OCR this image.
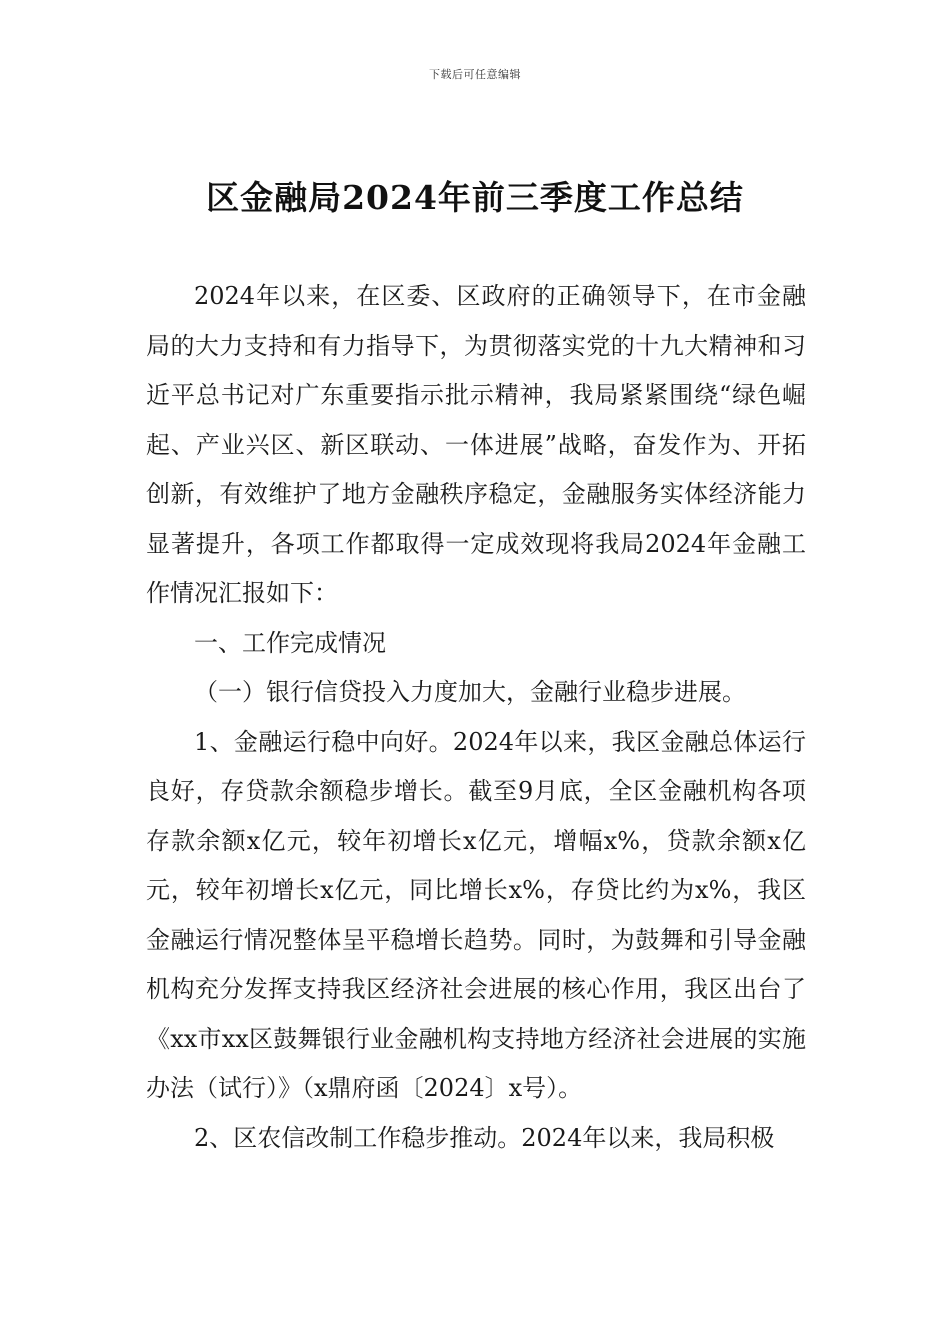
下载后可任意编辑
区金融局2024年前三季度工作总结

2024年以来，在区委、区政府的正确领导下，在市金融局的大力支持和有力指导下，为贯彻落实党的十九大精神和习近平总书记对广东重要指示批示精神，我局紧紧围绕“绿色崛起、产业兴区、新区联动、一体进展”战略，奋发作为、开拓创新，有效维护了地方金融秩序稳定，金融服务实体经济能力显著提升，各项工作都取得一定成效现将我局2024年金融工作情况汇报如下：

一、工作完成情况

（一）银行信贷投入力度加大，金融行业稳步进展。

1、金融运行稳中向好。2024年以来，我区金融总体运行良好，存贷款余额稳步增长。截至9月底，全区金融机构各项存款余额x亿元，较年初增长x亿元，增幅x%，贷款余额x亿元，较年初增长x亿元，同比增长x%，存贷比约为x%，我区金融运行情况整体呈平稳增长趋势。同时，为鼓舞和引导金融机构充分发挥支持我区经济社会进展的核心作用，我区出台了《xx市xx区鼓舞银行业金融机构支持地方经济社会进展的实施办法（试行）》（x鼎府函〔2024〕x号）。

2、区农信改制工作稳步推动。2024年以来，我局积极
